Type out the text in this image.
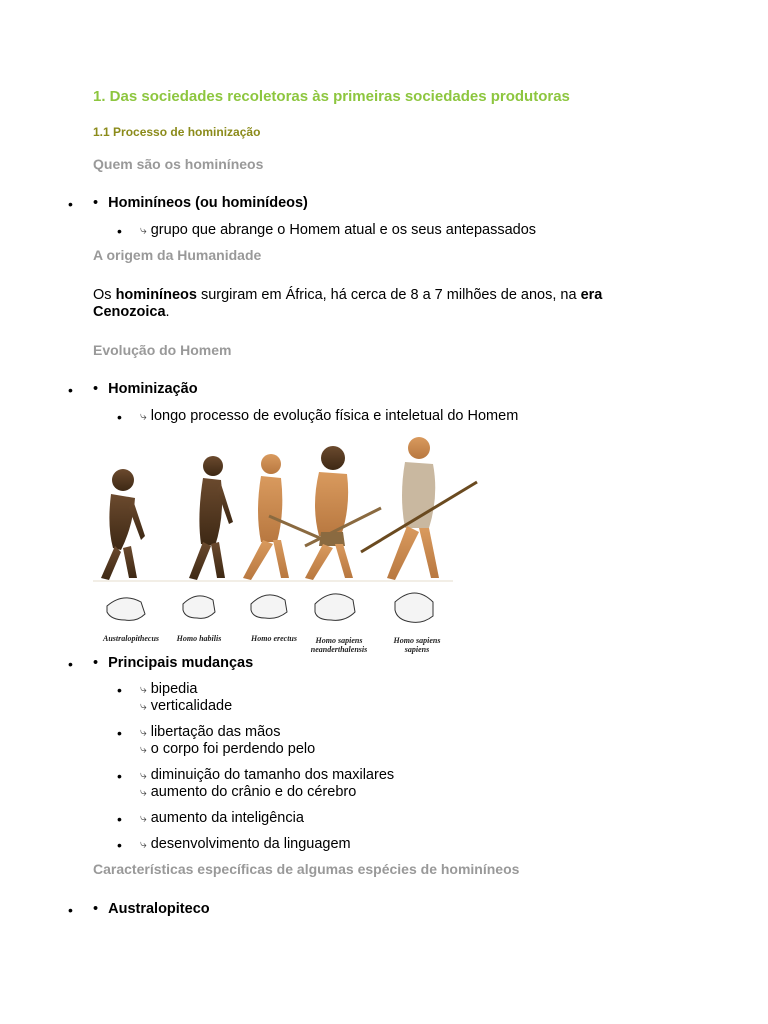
1. Das sociedades recoletoras às primeiras sociedades produtoras
1.1 Processo de hominização
Quem são os hominíneos
• • Hominíneos (ou hominídeos)
• ⤷ grupo que abrange o Homem atual e os seus antepassados
A origem da Humanidade
Os hominíneos surgiram em África, há cerca de 8 a 7 milhões de anos, na era Cenozoica.
Evolução do Homem
• • Hominização
• ⤷ longo processo de evolução física e inteletual do Homem
Australopithecus	Homo habilis	Homo erectus	Homo sapiens
neanderthalensis
Homo sapiens
sapiens
• • Principais mudanças
• ⤷ bipedia
⤷ verticalidade
• ⤷ libertação das mãos
⤷ o corpo foi perdendo pelo
• ⤷ diminuição do tamanho dos maxilares
⤷ aumento do crânio e do cérebro
• ⤷ aumento da inteligência
• ⤷ desenvolvimento da linguagem
Características específicas de algumas espécies de hominíneos
• • Australopiteco
